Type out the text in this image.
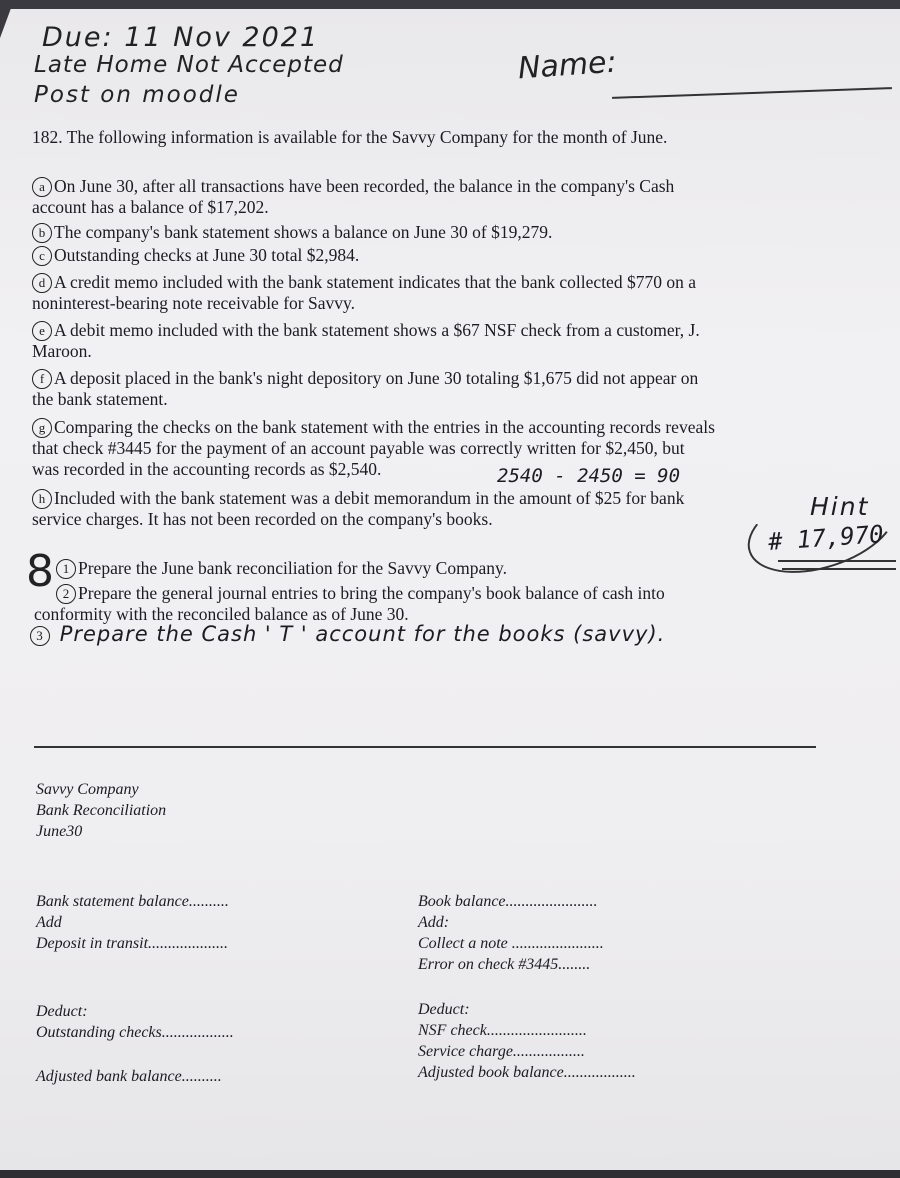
Due: 11 Nov 2021
Late Home Not Accepted
Post on moodle
Name:
182. The following information is available for the Savvy Company for the month of June.
a On June 30, after all transactions have been recorded, the balance in the company's Cash
account has a balance of $17,202.
b The company's bank statement shows a balance on June 30 of $19,279.
c Outstanding checks at June 30 total $2,984.
d A credit memo included with the bank statement indicates that the bank collected $770 on a
noninterest-bearing note receivable for Savvy.
e A debit memo included with the bank statement shows a $67 NSF check from a customer, J.
Maroon.
f A deposit placed in the bank's night depository on June 30 totaling $1,675 did not appear on
the bank statement.
g Comparing the checks on the bank statement with the entries in the accounting records reveals
that check #3445 for the payment of an account payable was correctly written for $2,450, but
was recorded in the accounting records as $2,540.	2540 - 2450 = 90
h Included with the bank statement was a debit memorandum in the amount of $25 for bank
service charges. It has not been recorded on the company's books.	Hint
# 17,970
8 1 Prepare the June bank reconciliation for the Savvy Company.
2 Prepare the general journal entries to bring the company's book balance of cash into
conformity with the reconciled balance as of June 30.
3 Prepare the Cash ' T ' account for the books (savvy).
Savvy Company
Bank Reconciliation
June30
Bank statement balance..........
Add
Deposit in transit....................
Deduct:
Outstanding checks..................
Adjusted bank balance..........
Book balance.......................
Add:
Collect a note .......................
Error on check #3445........
Deduct:
NSF check.........................
Service charge..................
Adjusted book balance..................
